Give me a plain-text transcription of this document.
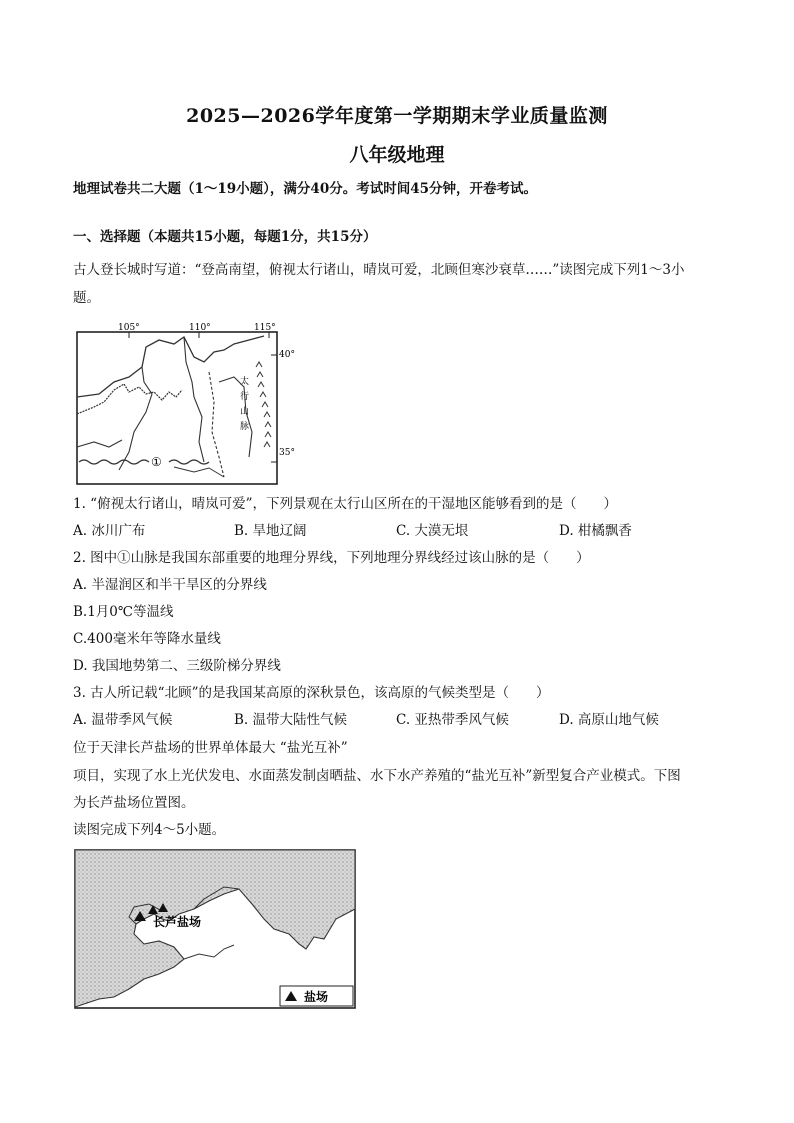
2025—2026学年度第一学期期末学业质量监测
八年级地理
地理试卷共二大题（1～19小题），满分40分。考试时间45分钟，开卷考试。
一、选择题（本题共15小题，每题1分，共15分）
古人登长城时写道：“登高南望，俯视太行诸山，晴岚可爱，北顾但寒沙衰草……”读图完成下列1～3小
题。
105°	110°	115°
40°
35°
太
行
山
脉
①
1. “俯视太行诸山，晴岚可爱”，下列景观在太行山区所在的干湿地区能够看到的是（　　）
A. 冰川广布	B. 旱地辽阔	C. 大漠无垠	D. 柑橘飘香
2. 图中①山脉是我国东部重要的地理分界线，下列地理分界线经过该山脉的是（　　）
A. 半湿润区和半干旱区的分界线
B.1月0℃等温线
C.400毫米年等降水量线
D. 我国地势第二、三级阶梯分界线
3. 古人所记载“北顾”的是我国某高原的深秋景色，该高原的气候类型是（　　）
A. 温带季风气候	B. 温带大陆性气候	C. 亚热带季风气候	D. 高原山地气候
位于天津长芦盐场的世界单体最大 “盐光互补”
项目，实现了水上光伏发电、水面蒸发制卤晒盐、水下水产养殖的“盐光互补”新型复合产业模式。下图
为长芦盐场位置图。
读图完成下列4～5小题。
长芦盐场
盐场
